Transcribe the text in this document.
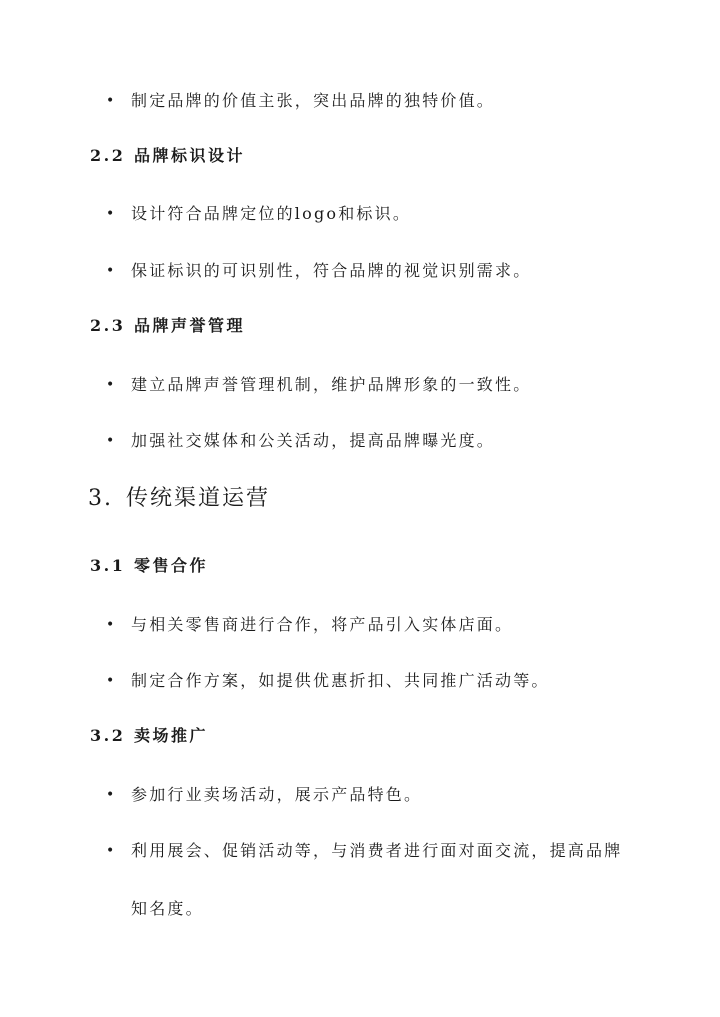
• 制定品牌的价值主张，突出品牌的独特价值。
2.2 品牌标识设计
• 设计符合品牌定位的logo和标识。
• 保证标识的可识别性，符合品牌的视觉识别需求。
2.3 品牌声誉管理
• 建立品牌声誉管理机制，维护品牌形象的一致性。
• 加强社交媒体和公关活动，提高品牌曝光度。
3. 传统渠道运营
3.1 零售合作
• 与相关零售商进行合作，将产品引入实体店面。
• 制定合作方案，如提供优惠折扣、共同推广活动等。
3.2 卖场推广
• 参加行业卖场活动，展示产品特色。
• 利用展会、促销活动等，与消费者进行面对面交流，提高品牌知名度。
